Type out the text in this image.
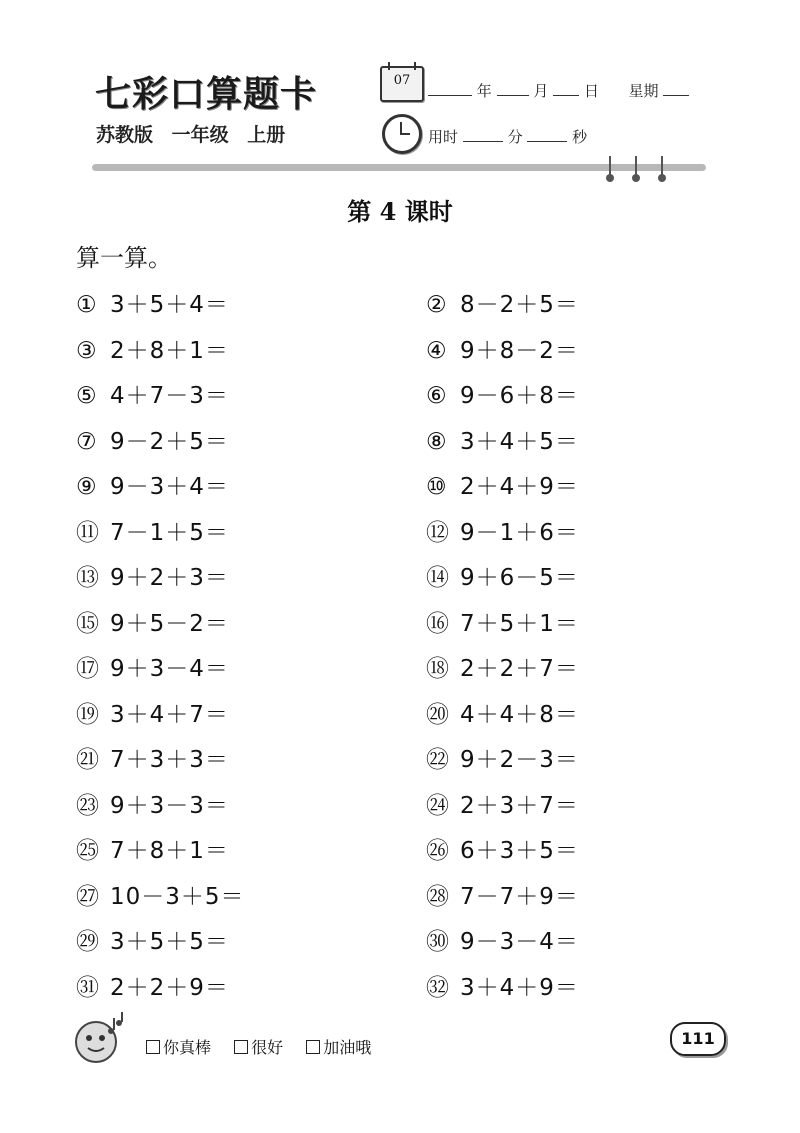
七彩口算题卡
苏教版 一年级 上册
07
年	月 日 星期
用时	分	秒
第 4 课时
算一算。
① 3＋5＋4＝	② 8－2＋5＝
③ 2＋8＋1＝	④ 9＋8－2＝
⑤ 4＋7－3＝	⑥ 9－6＋8＝
⑦ 9－2＋5＝	⑧ 3＋4＋5＝
⑨ 9－3＋4＝	⑩ 2＋4＋9＝
⑪ 7－1＋5＝	⑫ 9－1＋6＝
⑬ 9＋2＋3＝	⑭ 9＋6－5＝
⑮ 9＋5－2＝	⑯ 7＋5＋1＝
⑰ 9＋3－4＝	⑱ 2＋2＋7＝
⑲ 3＋4＋7＝	⑳ 4＋4＋8＝
㉑ 7＋3＋3＝	㉒ 9＋2－3＝
㉓ 9＋3－3＝	㉔ 2＋3＋7＝
㉕ 7＋8＋1＝	㉖ 6＋3＋5＝
㉗ 10－3＋5＝	㉘ 7－7＋9＝
㉙ 3＋5＋5＝	㉚ 9－3－4＝
㉛ 2＋2＋9＝	㉜ 3＋4＋9＝
你真棒	很好	加油哦	111
